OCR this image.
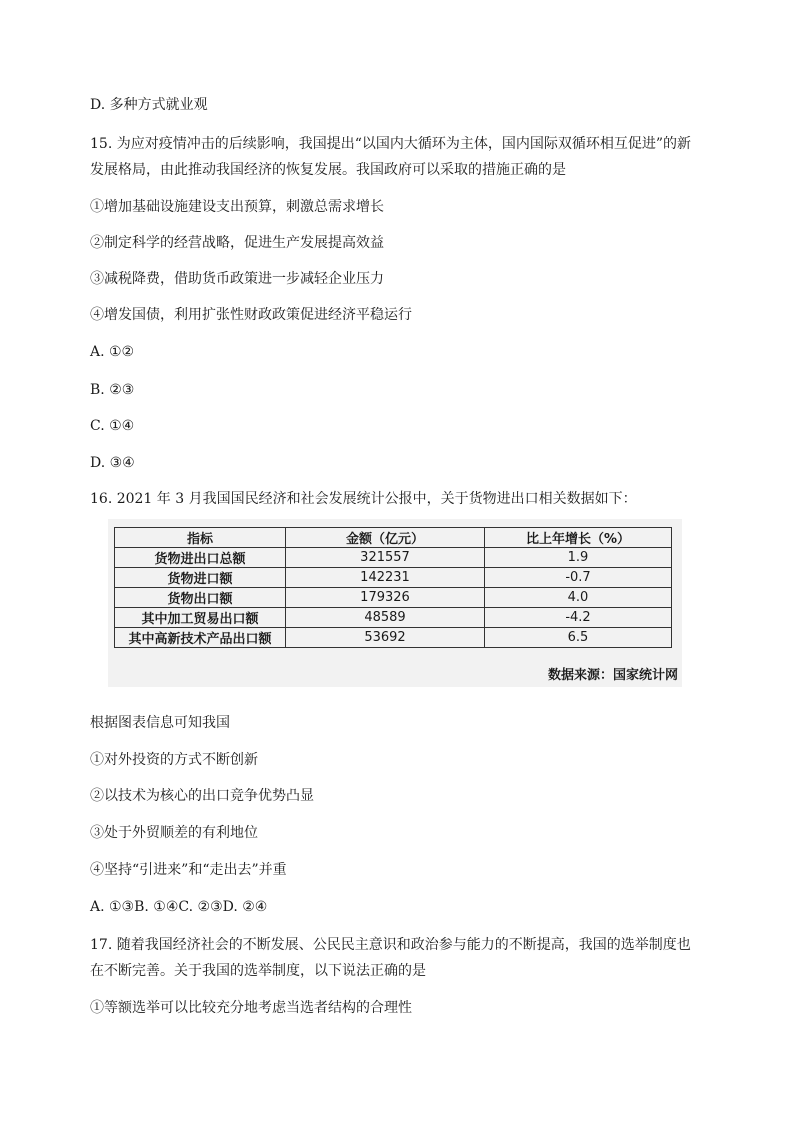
D. 多种方式就业观
15. 为应对疫情冲击的后续影响，我国提出“以国内大循环为主体，国内国际双循环相互促进”的新发展格局，由此推动我国经济的恢复发展。我国政府可以采取的措施正确的是
①增加基础设施建设支出预算，刺激总需求增长
②制定科学的经营战略，促进生产发展提高效益
③减税降费，借助货币政策进一步减轻企业压力
④增发国债，利用扩张性财政政策促进经济平稳运行
A. ①②
B. ②③
C. ①④
D. ③④
16. 2021 年 3 月我国国民经济和社会发展统计公报中，关于货物进出口相关数据如下：
指标	金额（亿元）	比上年增长（%）
货物进出口总额	321557	1.9
货物进口额	142231	-0.7
货物出口额	179326	4.0
其中加工贸易出口额	48589	-4.2
其中高新技术产品出口额	53692	6.5
数据来源：国家统计网
根据图表信息可知我国
①对外投资的方式不断创新
②以技术为核心的出口竞争优势凸显
③处于外贸顺差的有利地位
④坚持“引进来”和“走出去”并重
A. ①③B. ①④C. ②③D. ②④
17. 随着我国经济社会的不断发展、公民民主意识和政治参与能力的不断提高，我国的选举制度也在不断完善。关于我国的选举制度，以下说法正确的是
①等额选举可以比较充分地考虑当选者结构的合理性
